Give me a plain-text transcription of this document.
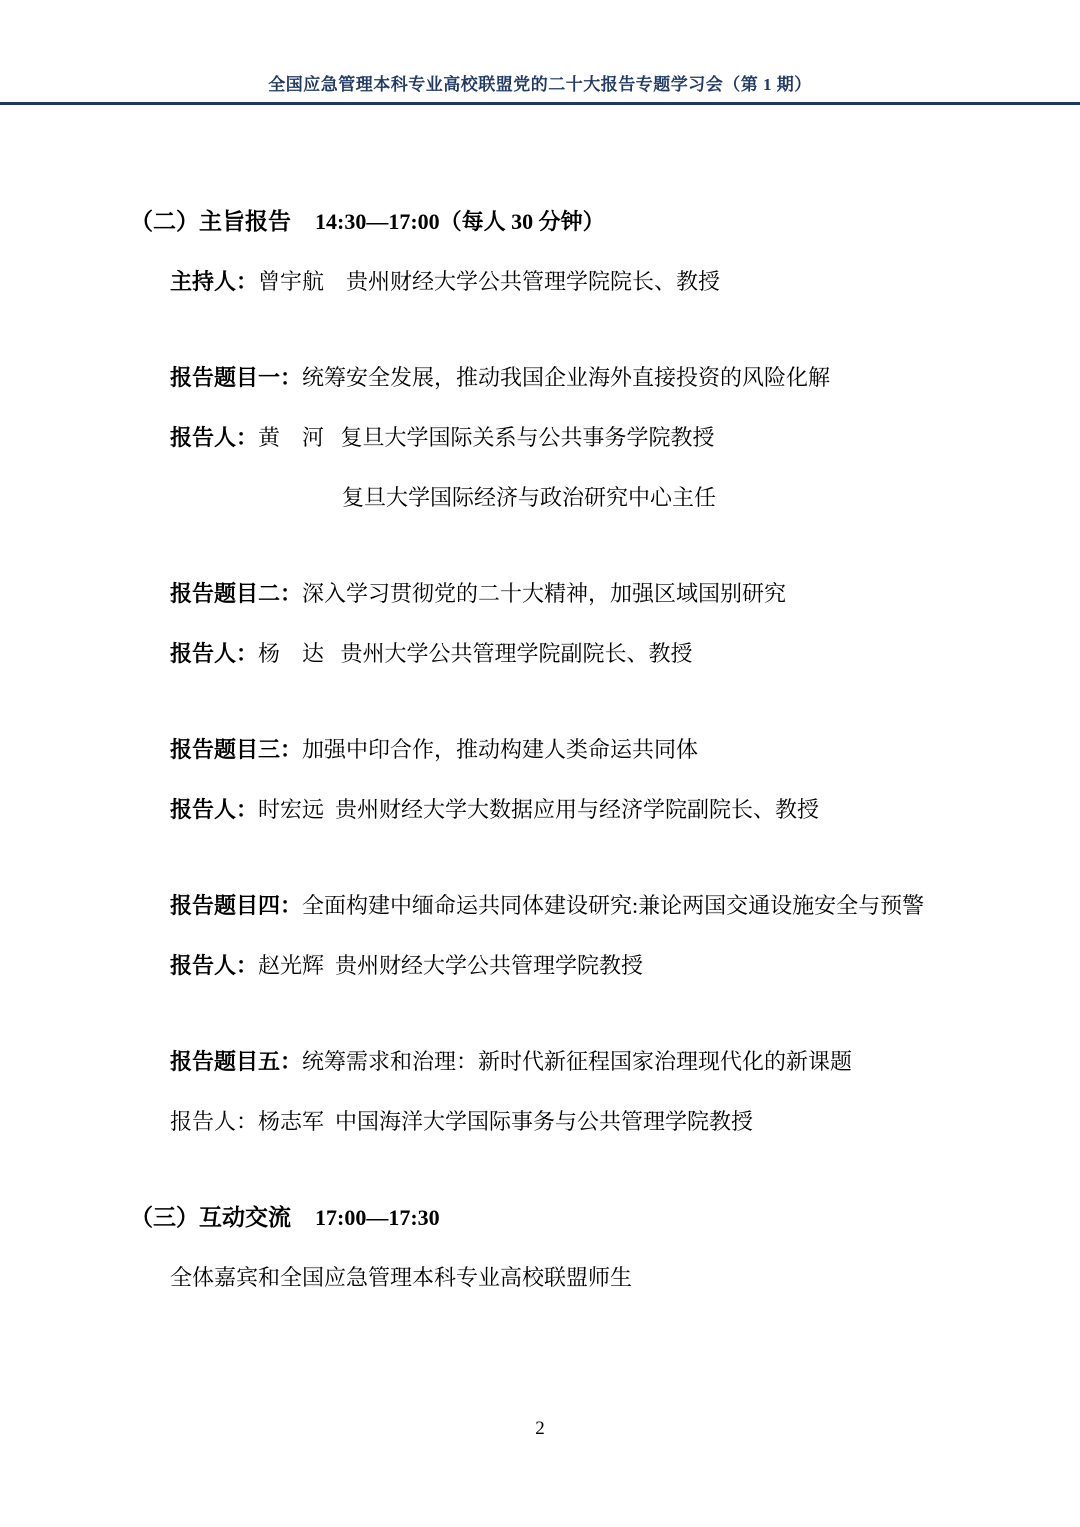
全国应急管理本科专业高校联盟党的二十大报告专题学习会（第 1 期）
（二）主旨报告 14:30—17:00（每人 30 分钟）
主持人：曾宇航 贵州财经大学公共管理学院院长、教授
报告题目一：统筹安全发展，推动我国企业海外直接投资的风险化解
报告人：黄　河 复旦大学国际关系与公共事务学院教授
复旦大学国际经济与政治研究中心主任
报告题目二：深入学习贯彻党的二十大精神，加强区域国别研究
报告人：杨　达 贵州大学公共管理学院副院长、教授
报告题目三：加强中印合作，推动构建人类命运共同体
报告人：时宏远 贵州财经大学大数据应用与经济学院副院长、教授
报告题目四：全面构建中缅命运共同体建设研究:兼论两国交通设施安全与预警
报告人：赵光辉 贵州财经大学公共管理学院教授
报告题目五：统筹需求和治理：新时代新征程国家治理现代化的新课题
报告人：杨志军 中国海洋大学国际事务与公共管理学院教授
（三）互动交流 17:00—17:30
全体嘉宾和全国应急管理本科专业高校联盟师生
2
